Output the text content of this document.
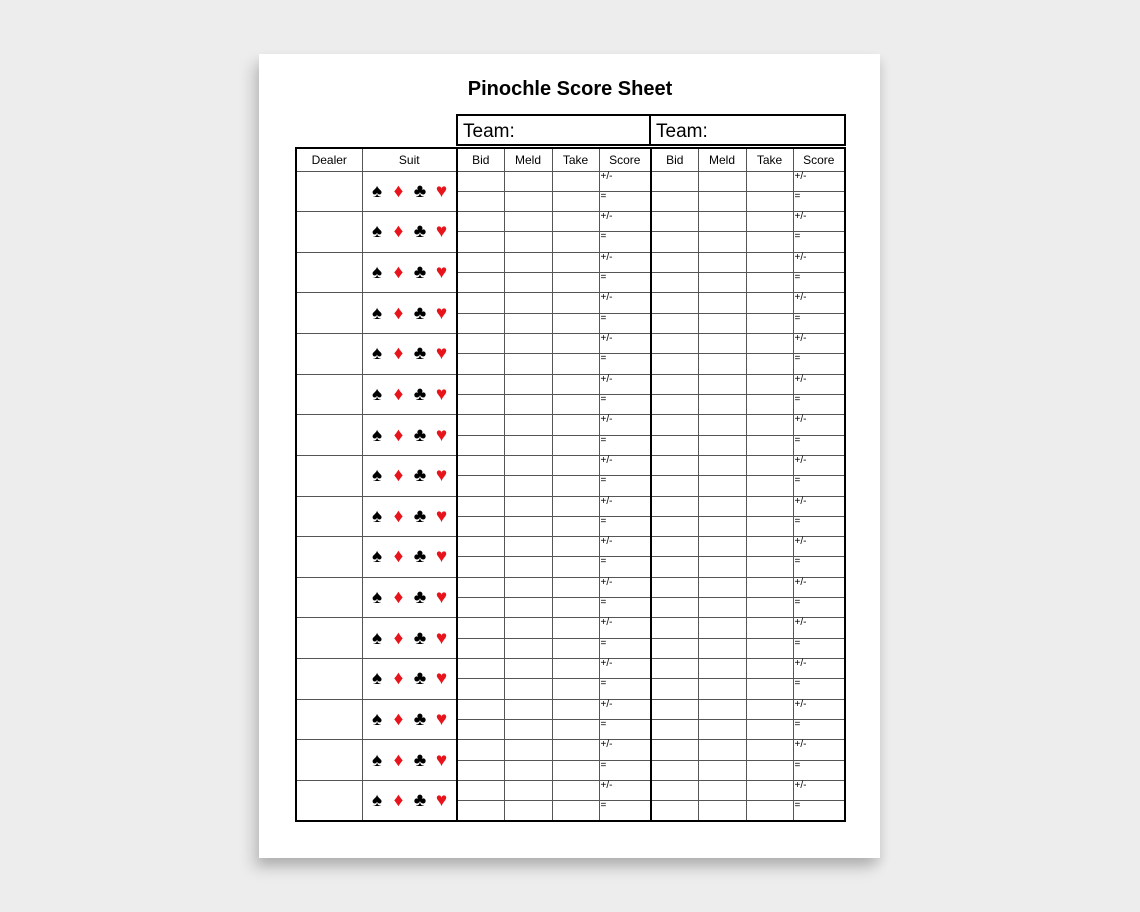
Pinochle Score Sheet
Team:	Team:
Dealer	Suit	Bid	Meld	Take	Score	Bid	Meld	Take	Score
	♠ ♦ ♣ ♥				+/-				+/-
					=				=
	♠ ♦ ♣ ♥				+/-				+/-
					=				=
	♠ ♦ ♣ ♥				+/-				+/-
					=				=
	♠ ♦ ♣ ♥				+/-				+/-
					=				=
	♠ ♦ ♣ ♥				+/-				+/-
					=				=
	♠ ♦ ♣ ♥				+/-				+/-
					=				=
	♠ ♦ ♣ ♥				+/-				+/-
					=				=
	♠ ♦ ♣ ♥				+/-				+/-
					=				=
	♠ ♦ ♣ ♥				+/-				+/-
					=				=
	♠ ♦ ♣ ♥				+/-				+/-
					=				=
	♠ ♦ ♣ ♥				+/-				+/-
					=				=
	♠ ♦ ♣ ♥				+/-				+/-
					=				=
	♠ ♦ ♣ ♥				+/-				+/-
					=				=
	♠ ♦ ♣ ♥				+/-				+/-
					=				=
	♠ ♦ ♣ ♥				+/-				+/-
					=				=
	♠ ♦ ♣ ♥				+/-				+/-
					=				=
